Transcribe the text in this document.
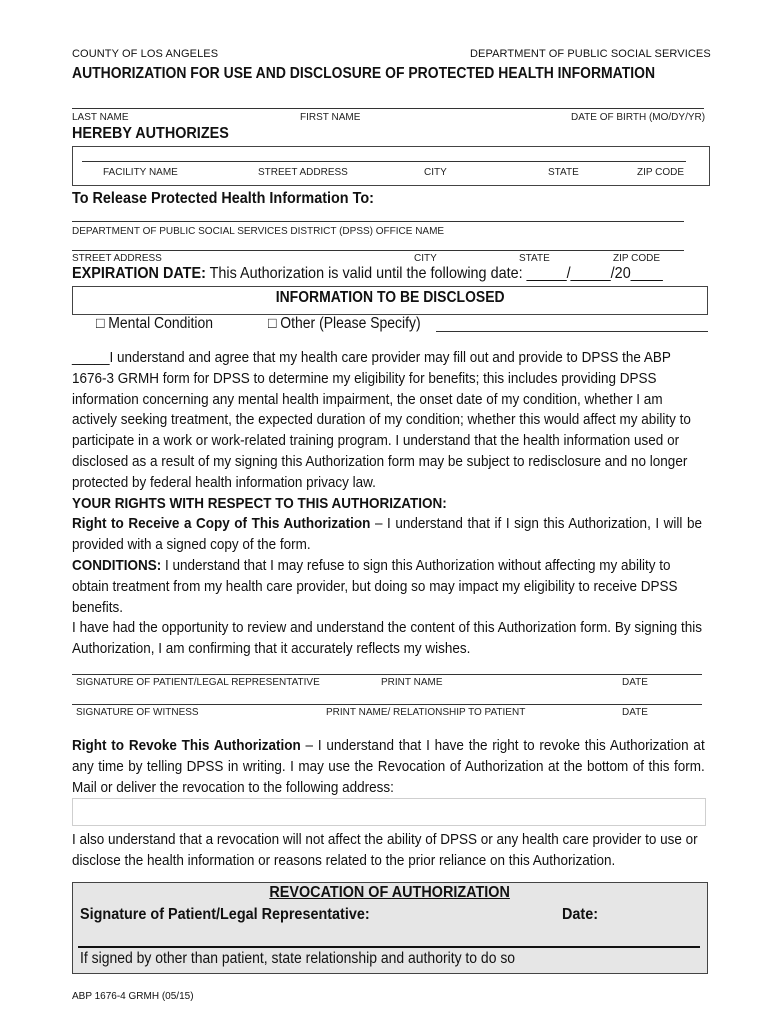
COUNTY OF LOS ANGELES	DEPARTMENT OF PUBLIC SOCIAL SERVICES
AUTHORIZATION FOR USE AND DISCLOSURE OF PROTECTED HEALTH INFORMATION
LAST NAME	FIRST NAME	DATE OF BIRTH (MO/DY/YR)
HEREBY AUTHORIZES
FACILITY NAME	STREET ADDRESS	CITY	STATE	ZIP CODE
To Release Protected Health Information To:
DEPARTMENT OF PUBLIC SOCIAL SERVICES DISTRICT (DPSS) OFFICE NAME
STREET ADDRESS	CITY	STATE	ZIP CODE
EXPIRATION DATE: This Authorization is valid until the following date: _____/_____/20____
INFORMATION TO BE DISCLOSED
□ Mental Condition	□ Other (Please Specify)

_____I understand and agree that my health care provider may fill out and provide to DPSS the ABP 1676-3 GRMH form for DPSS to determine my eligibility for benefits; this includes providing DPSS information concerning any mental health impairment, the onset date of my condition, whether I am actively seeking treatment, the expected duration of my condition; whether this would affect my ability to participate in a work or work-related training program. I understand that the health information used or disclosed as a result of my signing this Authorization form may be subject to redisclosure and no longer protected by federal health information privacy law.

YOUR RIGHTS WITH RESPECT TO THIS AUTHORIZATION:

Right to Receive a Copy of This Authorization – I understand that if I sign this Authorization, I will be provided with a signed copy of the form.

CONDITIONS: I understand that I may refuse to sign this Authorization without affecting my ability to obtain treatment from my health care provider, but doing so may impact my eligibility to receive DPSS benefits.

I have had the opportunity to review and understand the content of this Authorization form. By signing this Authorization, I am confirming that it accurately reflects my wishes.

SIGNATURE OF PATIENT/LEGAL REPRESENTATIVE	PRINT NAME	DATE
SIGNATURE OF WITNESS	PRINT NAME/ RELATIONSHIP TO PATIENT	DATE
Right to Revoke This Authorization – I understand that I have the right to revoke this Authorization at any time by telling DPSS in writing. I may use the Revocation of Authorization at the bottom of this form. Mail or deliver the revocation to the following address:
I also understand that a revocation will not affect the ability of DPSS or any health care provider to use or disclose the health information or reasons related to the prior reliance on this Authorization.
REVOCATION OF AUTHORIZATION
Signature of Patient/Legal Representative:	Date:
If signed by other than patient, state relationship and authority to do so
ABP 1676-4 GRMH (05/15)
